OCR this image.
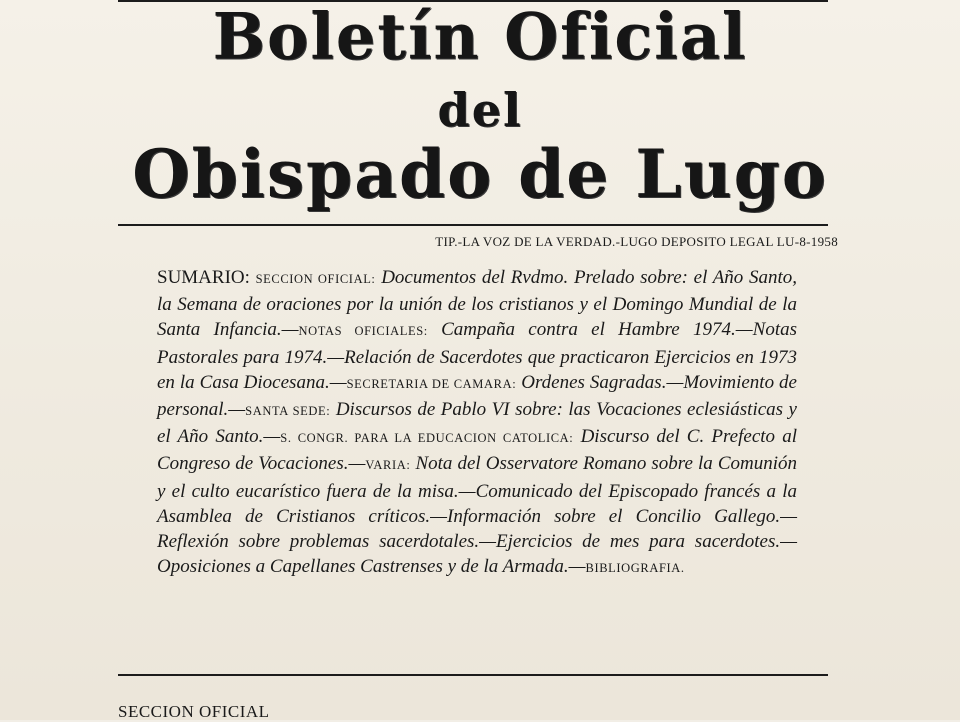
Boletín Oficial
del
Obispado de Lugo
TIP.-LA VOZ DE LA VERDAD.-LUGO DEPOSITO LEGAL LU-8-1958
SUMARIO: SECCION OFICIAL: Documentos del Rvdmo. Prelado sobre: el Año Santo, la Semana de oraciones por la unión de los cristianos y el Domingo Mundial de la Santa Infancia.—NOTAS OFICIALES: Campaña contra el Hambre 1974.—Notas Pastorales para 1974.—Relación de Sacerdotes que practicaron Ejercicios en 1973 en la Casa Diocesana.—SECRETARIA DE CAMARA: Ordenes Sagradas.—Movimiento de personal.—SANTA SEDE: Discursos de Pablo VI sobre: las Vocaciones eclesiásticas y el Año Santo.—S. CONGR. PARA LA EDUCACION CATOLICA: Discurso del C. Prefecto al Congreso de Vocaciones.—VARIA: Nota del Osservatore Romano sobre la Comunión y el culto eucarístico fuera de la misa.—Comunicado del Episcopado francés a la Asamblea de Cristianos críticos.—Información sobre el Concilio Gallego.—Reflexión sobre problemas sacerdotales.—Ejercicios de mes para sacerdotes.—Oposiciones a Capellanes Castrenses y de la Armada.—BIBLIOGRAFIA.
SECCION OFICIAL
